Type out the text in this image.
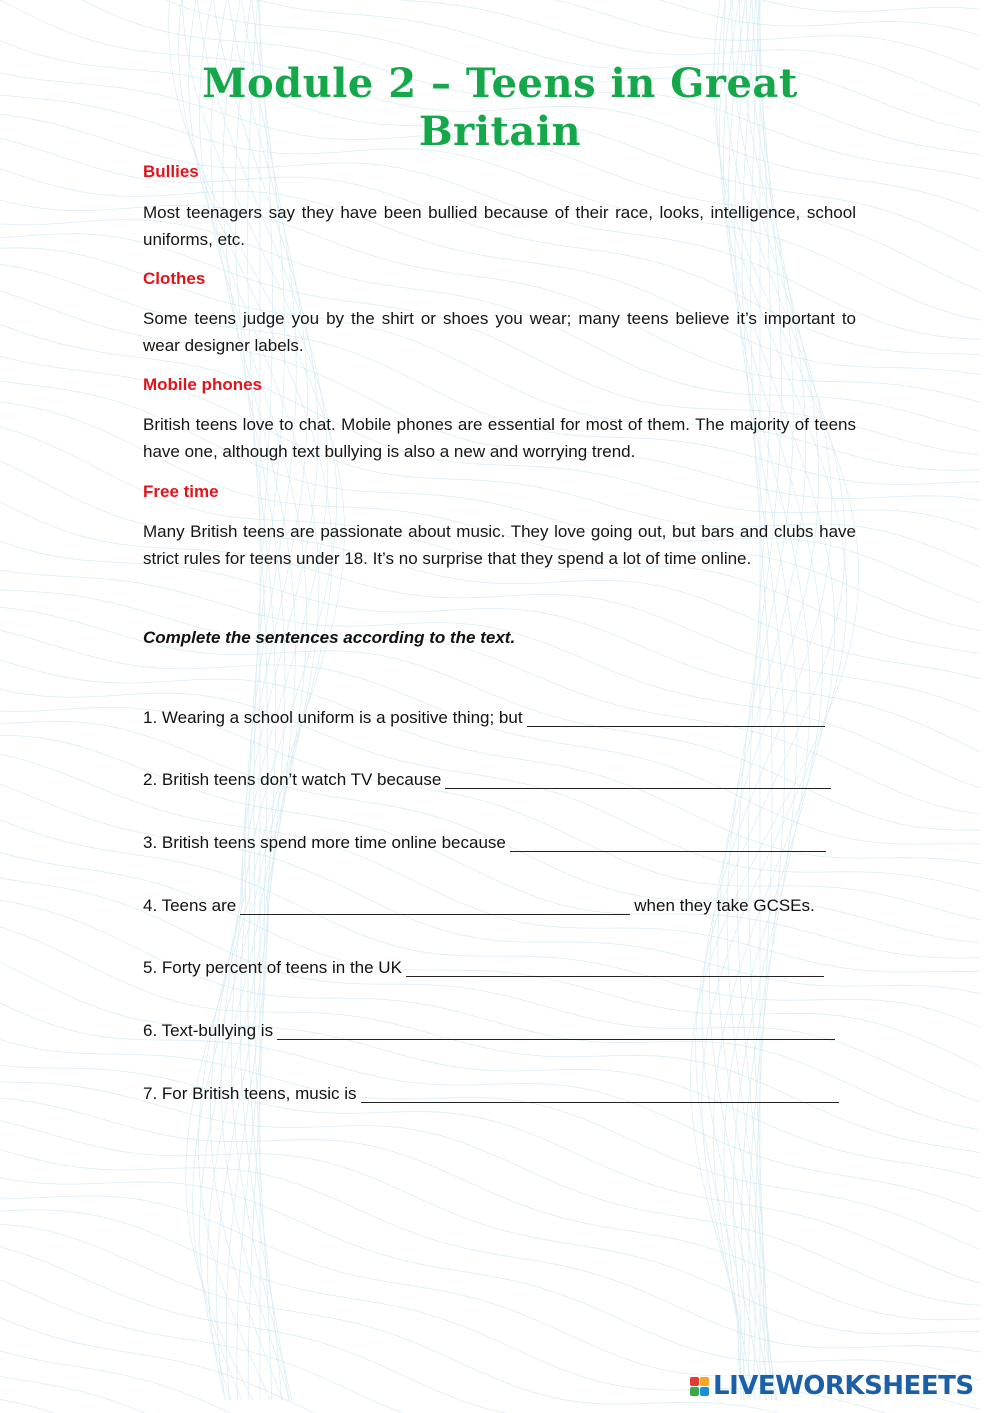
Module 2 – Teens in Great
Britain
Bullies
Most teenagers say they have been bullied because of their race, looks, intelligence, school uniforms, etc.
Clothes
Some teens judge you by the shirt or shoes you wear; many teens believe it’s important to wear designer labels.
Mobile phones
British teens love to chat. Mobile phones are essential for most of them. The majority of teens have one, although text bullying is also a new and worrying trend.
Free time
Many British teens are passionate about music. They love going out, but bars and clubs have strict rules for teens under 18. It’s no surprise that they spend a lot of time online.
Complete the sentences according to the text.
1. Wearing a school uniform is a positive thing; but
2. British teens don’t watch TV because
3. British teens spend more time online because
4. Teens are	when they take GCSEs.
5. Forty percent of teens in the UK
6. Text-bullying is
7. For British teens, music is
LIVEWORKSHEETS
